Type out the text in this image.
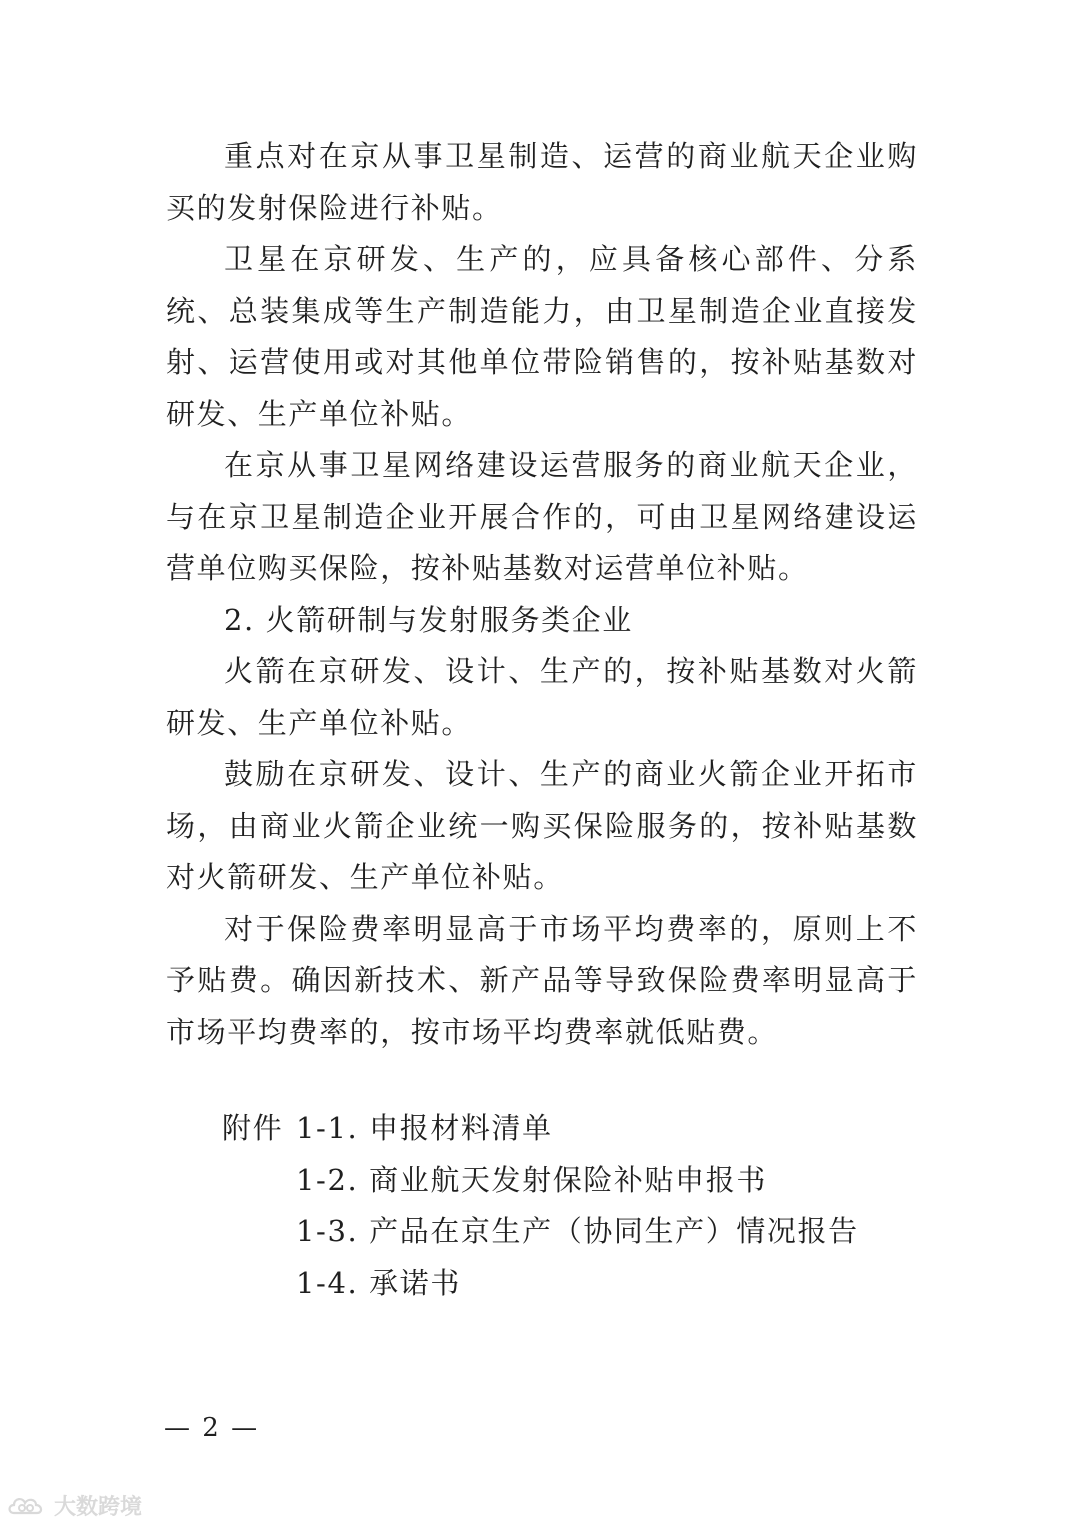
重点对在京从事卫星制造、运营的商业航天企业购买的发射保险进行补贴。

卫星在京研发、生产的，应具备核心部件、分系统、总装集成等生产制造能力，由卫星制造企业直接发射、运营使用或对其他单位带险销售的，按补贴基数对研发、生产单位补贴。

在京从事卫星网络建设运营服务的商业航天企业，与在京卫星制造企业开展合作的，可由卫星网络建设运营单位购买保险，按补贴基数对运营单位补贴。

2. 火箭研制与发射服务类企业

火箭在京研发、设计、生产的，按补贴基数对火箭研发、生产单位补贴。

鼓励在京研发、设计、生产的商业火箭企业开拓市场，由商业火箭企业统一购买保险服务的，按补贴基数对火箭研发、生产单位补贴。

对于保险费率明显高于市场平均费率的，原则上不予贴费。确因新技术、新产品等导致保险费率明显高于市场平均费率的，按市场平均费率就低贴费。

附件 1-1. 申报材料清单
1-2. 商业航天发射保险补贴申报书
1-3. 产品在京生产（协同生产）情况报告
1-4. 承诺书
— 2 —
大数跨境
